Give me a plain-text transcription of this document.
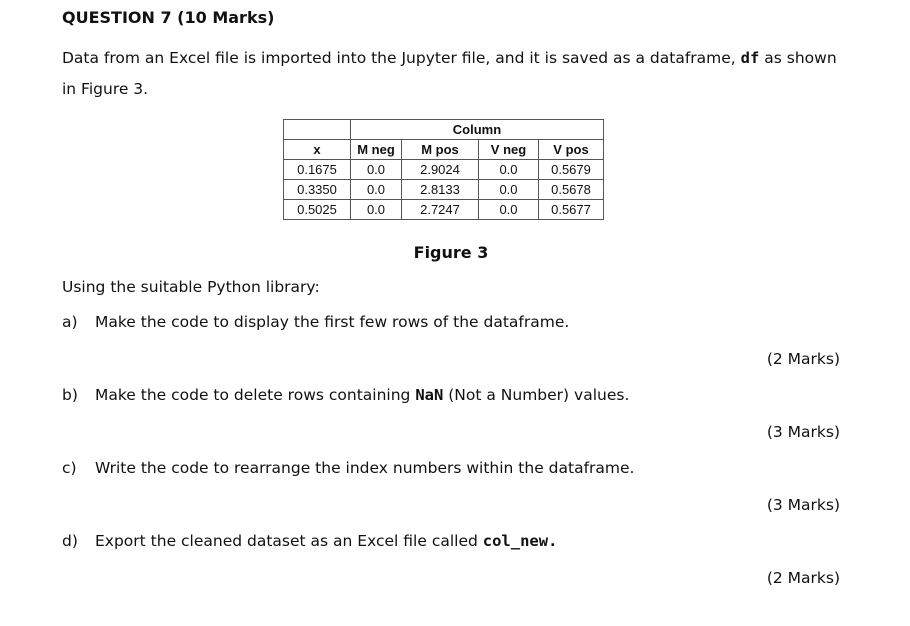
QUESTION 7 (10 Marks)
Data from an Excel file is imported into the Jupyter file, and it is saved as a dataframe, df as shown in Figure 3.
	Column			
x	M neg	M pos	V neg	V pos
0.1675	0.0	2.9024	0.0	0.5679
0.3350	0.0	2.8133	0.0	0.5678
0.5025	0.0	2.7247	0.0	0.5677
Figure 3
Using the suitable Python library:
a) Make the code to display the first few rows of the dataframe.
(2 Marks)
b) Make the code to delete rows containing NaN (Not a Number) values.
(3 Marks)
c) Write the code to rearrange the index numbers within the dataframe.
(3 Marks)
d) Export the cleaned dataset as an Excel file called col_new.
(2 Marks)
